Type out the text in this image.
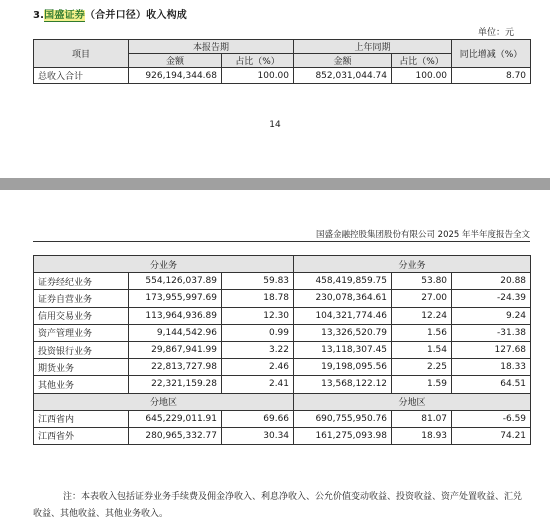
3.国盛证券（合并口径）收入构成
单位：元
项目	本报告期		上年同期		同比增减（%）
	金额	占比（%）	金额	占比（%）	
总收入合计	926,194,344.68	100.00	852,031,044.74	100.00	8.70
14
国盛金融控股集团股份有限公司 2025 年半年度报告全文
分业务			分业务		
证券经纪业务	554,126,037.89	59.83	458,419,859.75	53.80	20.88
证券自营业务	173,955,997.69	18.78	230,078,364.61	27.00	-24.39
信用交易业务	113,964,936.89	12.30	104,321,774.46	12.24	9.24
资产管理业务	9,144,542.96	0.99	13,326,520.79	1.56	-31.38
投资银行业务	29,867,941.99	3.22	13,118,307.45	1.54	127.68
期货业务	22,813,727.98	2.46	19,198,095.56	2.25	18.33
其他业务	22,321,159.28	2.41	13,568,122.12	1.59	64.51
分地区			分地区		
江西省内	645,229,011.91	69.66	690,755,950.76	81.07	-6.59
江西省外	280,965,332.77	30.34	161,275,093.98	18.93	74.21
注：本表收入包括证券业务手续费及佣金净收入、利息净收入、公允价值变动收益、投资收益、资产处置收益、汇兑收益、其他收益、其他业务收入。
